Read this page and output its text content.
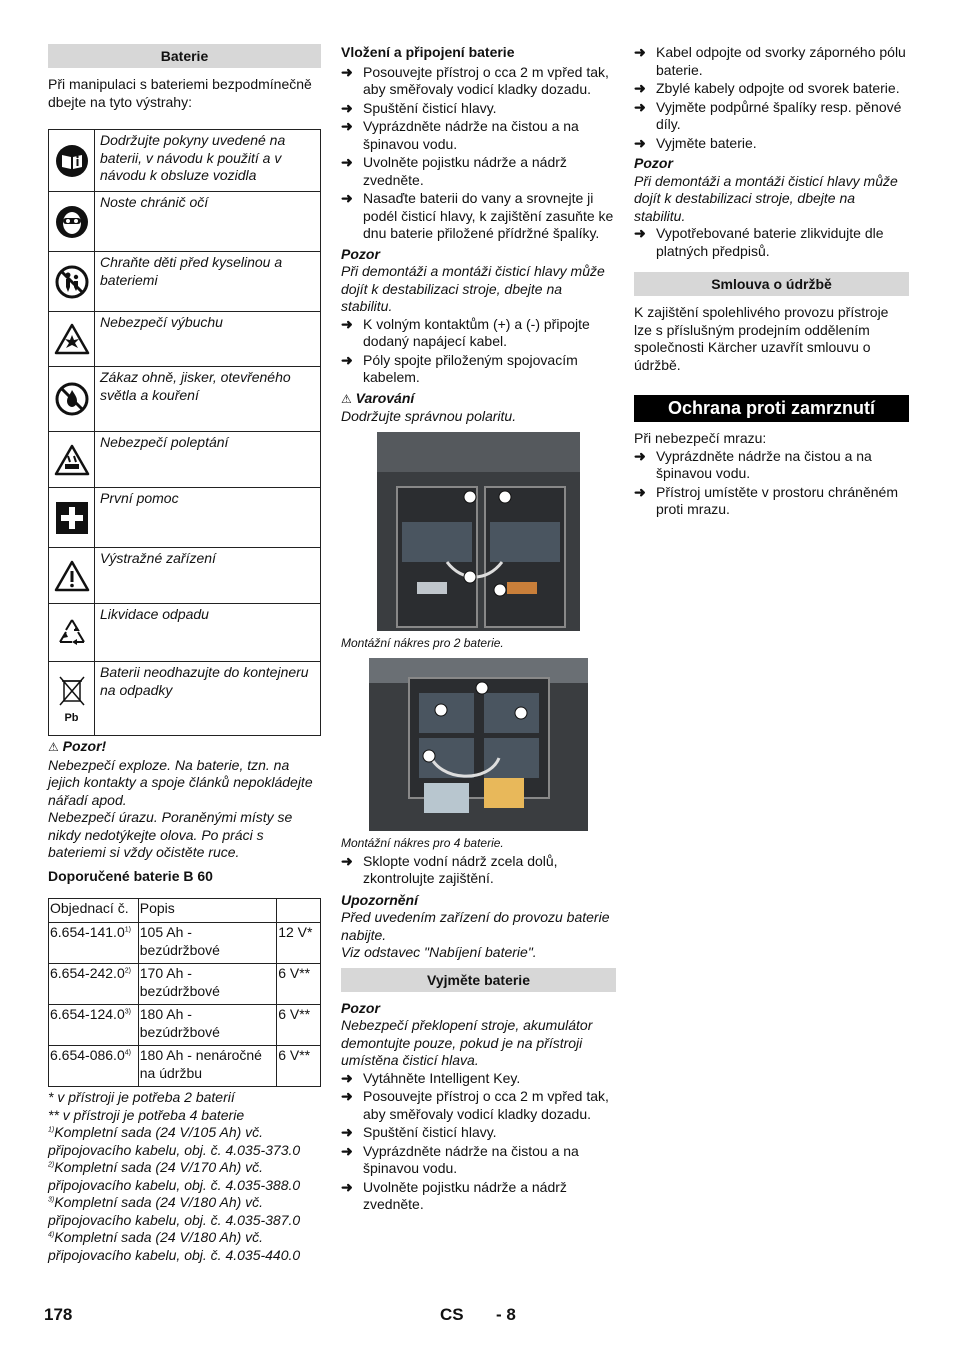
Baterie

Při manipulaci s bateriemi bezpodmínečně dbejte na tyto výstrahy:

	Dodržujte pokyny uvedené na baterii, v návodu k použití a v návodu k obsluze vozidla

	Noste chránič očí

	Chraňte děti před kyselinou a bateriemi

	Nebezpečí výbuchu

	Zákaz ohně, jisker, otevřeného světla a kouření

	Nebezpečí poleptání

	První pomoc

	Výstražné zařízení

	Likvidace odpadu

Pb	Baterii neodhazujte do kontejneru na odpadky

⚠ Pozor!

Nebezpečí exploze. Na baterie, tzn. na jejich kontakty a spoje článků nepokládejte nářadí apod.

Nebezpečí úrazu. Poraněnými místy se nikdy nedotýkejte olova. Po práci s bateriemi si vždy očistěte ruce.

Doporučené baterie B 60

Objednací č.	Popis	
6.654-141.0$^{1)}$	105 Ah - bezúdržbové	12 V*
6.654-242.0$^{2)}$	170 Ah - bezúdržbové	6 V**
6.654-124.0$^{3)}$	180 Ah - bezúdržbové	6 V**
6.654-086.0$^{4)}$	180 Ah - nenáročné na údržbu	6 V**

* v přístroji je potřeba 2 baterií

** v přístroji je potřeba 4 baterie

$^{1)}$Kompletní sada (24 V/105 Ah) vč. připojovacího kabelu, obj. č. 4.035-373.0

$^{2)}$Kompletní sada (24 V/170 Ah) vč. připojovacího kabelu, obj. č. 4.035-388.0

$^{3)}$Kompletní sada (24 V/180 Ah) vč. připojovacího kabelu, obj. č. 4.035-387.0

$^{4)}$Kompletní sada (24 V/180 Ah) vč. připojovacího kabelu, obj. č. 4.035-440.0

Vložení a připojení baterie

➜ Posouvejte přístroj o cca 2 m vpřed tak, aby směřovaly vodicí kladky dozadu.
➜ Spuštění čisticí hlavy.
➜ Vyprázdněte nádrže na čistou a na špinavou vodu.
➜ Uvolněte pojistku nádrže a nádrž zvedněte.
➜ Nasaďte baterii do vany a srovnejte ji podél čisticí hlavy, k zajištění zasuňte ke dnu baterie přiložené přídržné špalíky.

Pozor

Při demontáži a montáži čisticí hlavy může dojít k destabilizaci stroje, dbejte na stabilitu.

➜ K volným kontaktům (+) a (-) připojte dodaný napájecí kabel.
➜ Póly spojte přiloženým spojovacím kabelem.

⚠ Varování

Dodržujte správnou polaritu.

Montážní nákres pro 2 baterie.

Montážní nákres pro 4 baterie.

➜ Sklopte vodní nádrž zcela dolů, zkontrolujte zajištění.

Upozornění

Před uvedením zařízení do provozu baterie nabijte.

Viz odstavec "Nabíjení baterie".

Vyjměte baterie

Pozor

Nebezpečí překlopení stroje, akumulátor demontujte pouze, pokud je na přístroji umístěna čisticí hlava.

➜ Vytáhněte Intelligent Key.
➜ Posouvejte přístroj o cca 2 m vpřed tak, aby směřovaly vodicí kladky dozadu.
➜ Spuštění čisticí hlavy.
➜ Vyprázdněte nádrže na čistou a na špinavou vodu.
➜ Uvolněte pojistku nádrže a nádrž zvedněte.
➜ Kabel odpojte od svorky záporného pólu baterie.
➜ Zbylé kabely odpojte od svorek baterie.
➜ Vyjměte podpůrné špalíky resp. pěnové díly.
➜ Vyjměte baterie.

Pozor

Při demontáži a montáži čisticí hlavy může dojít k destabilizaci stroje, dbejte na stabilitu.

➜ Vypotřebované baterie zlikvidujte dle platných předpisů.
Smlouva o údržbě

K zajištění spolehlivého provozu přístroje lze s příslušným prodejním oddělením společnosti Kärcher uzavřít smlouvu o údržbě.

Ochrana proti zamrznutí

Při nebezpečí mrazu:

➜ Vyprázdněte nádrže na čistou a na špinavou vodu.
➜ Přístroj umístěte v prostoru chráněném proti mrazu.
178	CS - 8
